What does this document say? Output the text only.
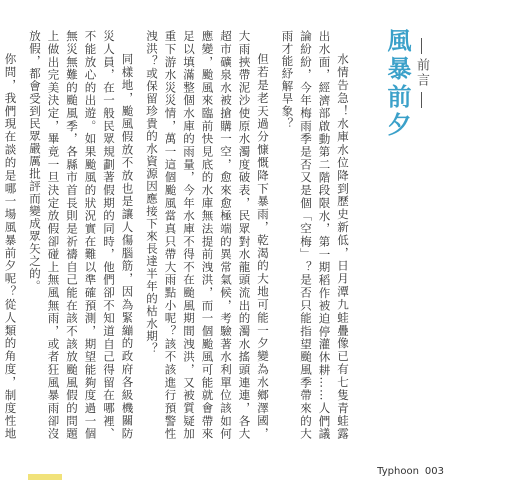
前言
風暴前夕

水情告急！水庫水位降到歷史新低，日月潭九蛙疊像已有七隻青蛙露出水面，經濟部啟動第二階段限水，第一期稻作被迫停灌休耕……人們議論紛紛，今年梅雨季是否又是個「空梅」？是否只能指望颱風季帶來的大雨才能紓解旱象？

但若是老天過分慷慨降下暴雨，乾渴的大地可能一夕變為水鄉澤國，大雨挾帶泥沙使原水濁度破表，民眾對水龍頭流出的濁水搖頭連連，各大超市礦泉水被搶購一空，愈來愈極端的異常氣候，考驗著水利單位該如何應變，颱風來臨前快見底的水庫無法提前洩洪，而一個颱風可能就會帶來足以填滿整個水庫的雨量，今年水庫不得不在颱風期間洩洪，又被質疑加重下游水災災情，萬一這個颱風當真只帶大雨點小呢？該不該進行預警性洩洪？或保留珍貴的水資源因應接下來長達半年的枯水期？

同樣地，颱風假放不放也是讓人傷腦筋，因為緊繃的政府各級機關防災人員，在一般民眾規劃著假期的同時，他們卻不知道自己得留在哪裡、不能放心的出遊。如果颱風的狀況實在難以準確預測，期望能夠度過一個無災無難的颱風季，各縣市首長則是祈禱自己能在該不該放颱風假的問題上做出完美決定，畢竟一旦決定放假卻碰上無風無雨，或者狂風暴雨卻沒放假，都會受到民眾嚴厲批評而變成眾矢之的。

你問，我們現在談的是哪一場風暴前夕呢？從人類的角度，制度性地

Typhoon 003
